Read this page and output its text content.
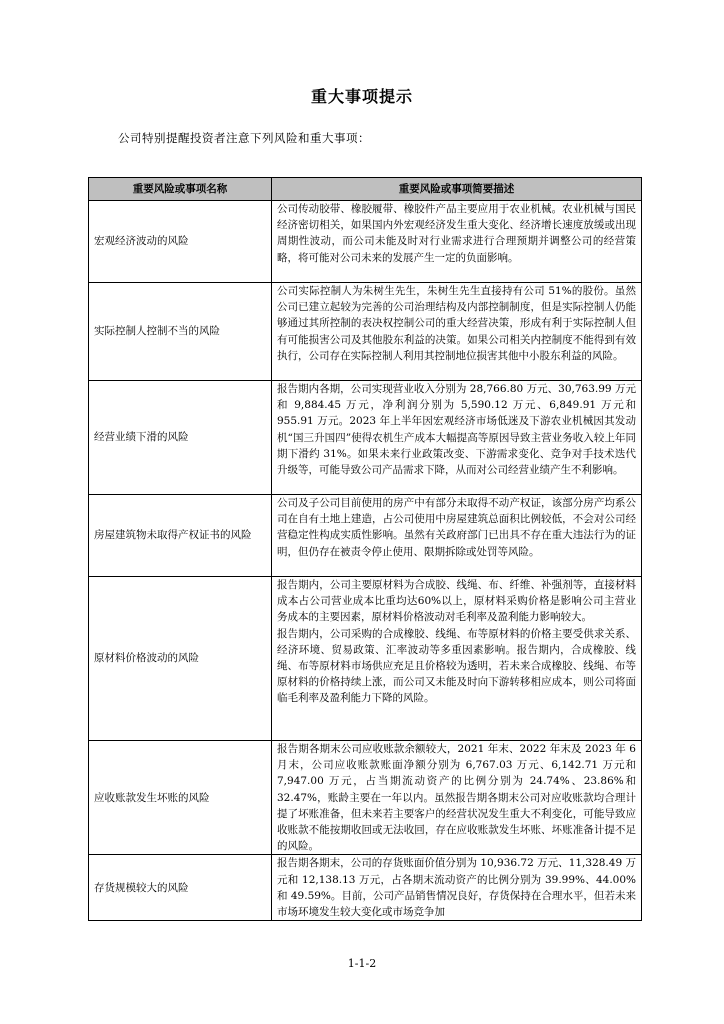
重大事项提示
公司特别提醒投资者注意下列风险和重大事项：
重要风险或事项名称	重要风险或事项简要描述
宏观经济波动的风险	公司传动胶带、橡胶履带、橡胶件产品主要应用于农业机械。农业机械与国民经济密切相关，如果国内外宏观经济发生重大变化、经济增长速度放缓或出现周期性波动，而公司未能及时对行业需求进行合理预期并调整公司的经营策略，将可能对公司未来的发展产生一定的负面影响。

实际控制人控制不当的风险	公司实际控制人为朱树生先生，朱树生先生直接持有公司 51%的股份。虽然公司已建立起较为完善的公司治理结构及内部控制制度，但是实际控制人仍能够通过其所控制的表决权控制公司的重大经营决策，形成有利于实际控制人但有可能损害公司及其他股东利益的决策。如果公司相关内控制度不能得到有效执行，公司存在实际控制人利用其控制地位损害其他中小股东利益的风险。

经营业绩下滑的风险	报告期内各期，公司实现营业收入分别为 28,766.80 万元、30,763.99 万元和 9,884.45 万元，净利润分别为 5,590.12 万元、6,849.91 万元和 955.91 万元。2023 年上半年因宏观经济市场低迷及下游农业机械因其发动机“国三升国四”使得农机生产成本大幅提高等原因导致主营业务收入较上年同期下滑约 31%。如果未来行业政策改变、下游需求变化、竞争对手技术迭代升级等，可能导致公司产品需求下降，从而对公司经营业绩产生不利影响。

房屋建筑物未取得产权证书的风险	公司及子公司目前使用的房产中有部分未取得不动产权证，该部分房产均系公司在自有土地上建造，占公司使用中房屋建筑总面积比例较低，不会对公司经营稳定性构成实质性影响。虽然有关政府部门已出具不存在重大违法行为的证明，但仍存在被责令停止使用、限期拆除或处罚等风险。

原材料价格波动的风险	报告期内，公司主要原材料为合成胶、线绳、布、纤维、补强剂等，直接材料成本占公司营业成本比重均达60%以上，原材料采购价格是影响公司主营业务成本的主要因素，原材料价格波动对毛利率及盈利能力影响较大。

报告期内，公司采购的合成橡胶、线绳、布等原材料的价格主要受供求关系、经济环境、贸易政策、汇率波动等多重因素影响。报告期内，合成橡胶、线绳、布等原材料市场供应充足且价格较为透明，若未来合成橡胶、线绳、布等原材料的价格持续上涨，而公司又未能及时向下游转移相应成本，则公司将面临毛利率及盈利能力下降的风险。

应收账款发生坏账的风险	报告期各期末公司应收账款余额较大，2021 年末、2022 年末及 2023 年 6 月末，公司应收账款账面净额分别为 6,767.03 万元、6,142.71 万元和 7,947.00 万元，占当期流动资产的比例分别为 24.74%、23.86%和 32.47%，账龄主要在一年以内。虽然报告期各期末公司对应收账款均合理计提了坏账准备，但未来若主要客户的经营状况发生重大不利变化，可能导致应收账款不能按期收回或无法收回，存在应收账款发生坏账、坏账准备计提不足的风险。

存货规模较大的风险	报告期各期末，公司的存货账面价值分别为 10,936.72 万元、11,328.49 万元和 12,138.13 万元，占各期末流动资产的比例分别为 39.99%、44.00%和 49.59%。目前，公司产品销售情况良好，存货保持在合理水平，但若未来市场环境发生较大变化或市场竞争加

1-1-2
